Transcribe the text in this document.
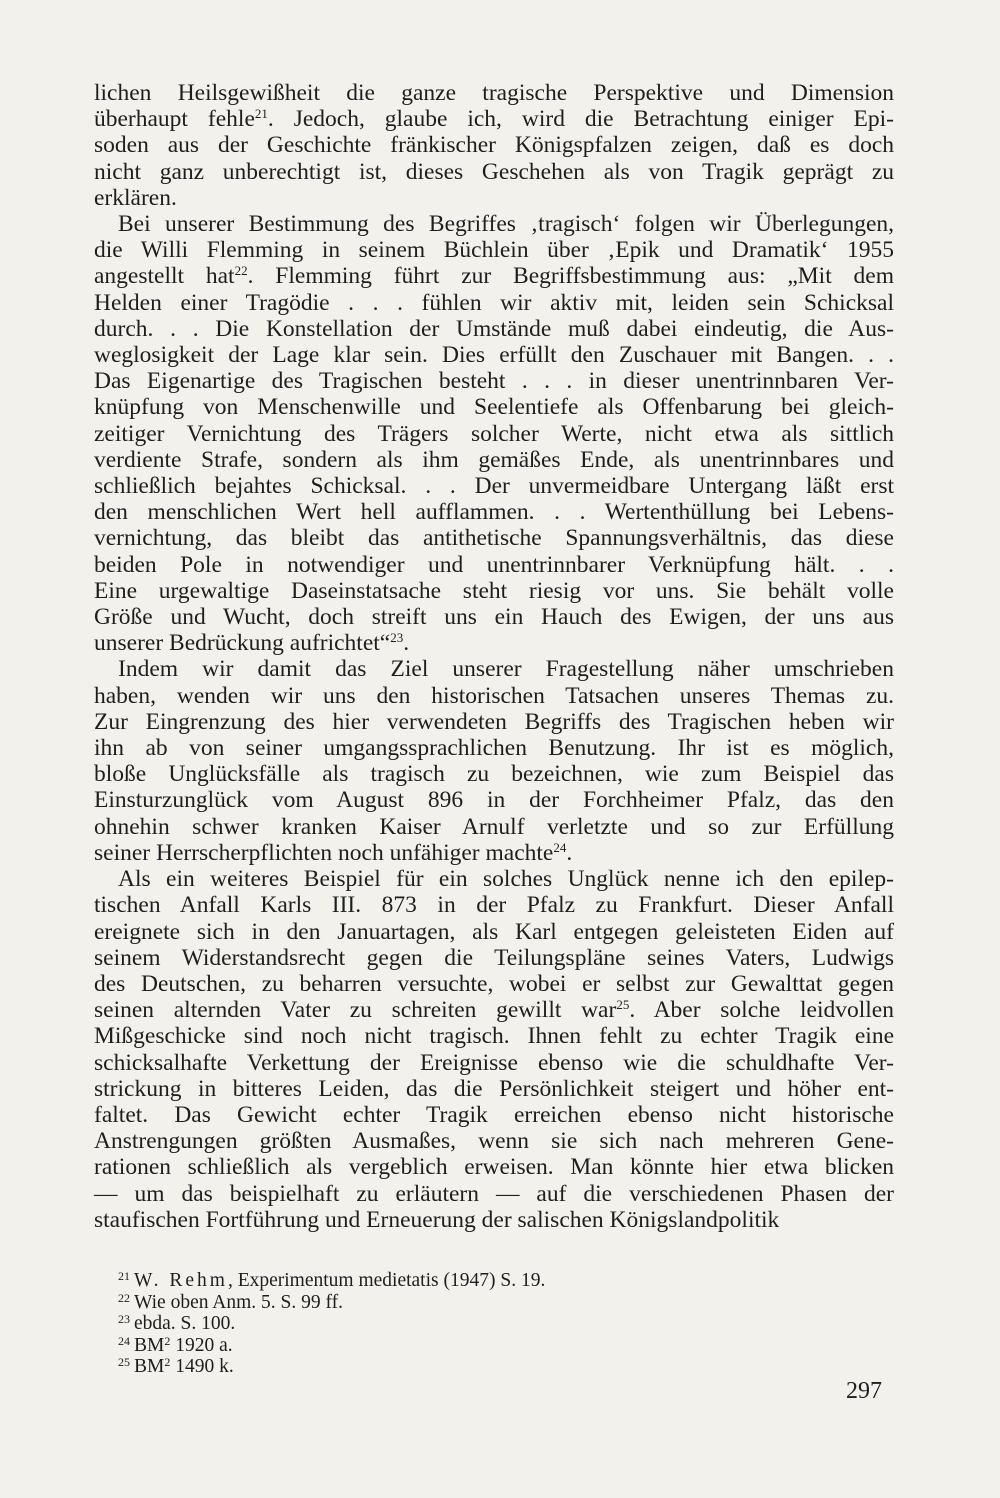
lichen Heilsgewißheit die ganze tragische Perspektive und Dimension
überhaupt fehle$^{21}$. Jedoch, glaube ich, wird die Betrachtung einiger Epi-
soden aus der Geschichte fränkischer Königspfalzen zeigen, daß es doch
nicht ganz unberechtigt ist, dieses Geschehen als von Tragik geprägt zu
erklären.
Bei unserer Bestimmung des Begriffes ‚tragisch‘ folgen wir Überlegungen,
die Willi Flemming in seinem Büchlein über ‚Epik und Dramatik‘ 1955
angestellt hat$^{22}$. Flemming führt zur Begriffsbestimmung aus: „Mit dem
Helden einer Tragödie . . . fühlen wir aktiv mit, leiden sein Schicksal
durch. . . Die Konstellation der Umstände muß dabei eindeutig, die Aus-
weglosigkeit der Lage klar sein. Dies erfüllt den Zuschauer mit Bangen. . .
Das Eigenartige des Tragischen besteht . . . in dieser unentrinnbaren Ver-
knüpfung von Menschenwille und Seelentiefe als Offenbarung bei gleich-
zeitiger Vernichtung des Trägers solcher Werte, nicht etwa als sittlich
verdiente Strafe, sondern als ihm gemäßes Ende, als unentrinnbares und
schließlich bejahtes Schicksal. . . Der unvermeidbare Untergang läßt erst
den menschlichen Wert hell aufflammen. . . Wertenthüllung bei Lebens-
vernichtung, das bleibt das antithetische Spannungsverhältnis, das diese
beiden Pole in notwendiger und unentrinnbarer Verknüpfung hält. . .
Eine urgewaltige Daseinstatsache steht riesig vor uns. Sie behält volle
Größe und Wucht, doch streift uns ein Hauch des Ewigen, der uns aus
unserer Bedrückung aufrichtet“$^{23}$.
Indem wir damit das Ziel unserer Fragestellung näher umschrieben
haben, wenden wir uns den historischen Tatsachen unseres Themas zu.
Zur Eingrenzung des hier verwendeten Begriffs des Tragischen heben wir
ihn ab von seiner umgangssprachlichen Benutzung. Ihr ist es möglich,
bloße Unglücksfälle als tragisch zu bezeichnen, wie zum Beispiel das
Einsturzunglück vom August 896 in der Forchheimer Pfalz, das den
ohnehin schwer kranken Kaiser Arnulf verletzte und so zur Erfüllung
seiner Herrscherpflichten noch unfähiger machte$^{24}$.
Als ein weiteres Beispiel für ein solches Unglück nenne ich den epilep-
tischen Anfall Karls III. 873 in der Pfalz zu Frankfurt. Dieser Anfall
ereignete sich in den Januartagen, als Karl entgegen geleisteten Eiden auf
seinem Widerstandsrecht gegen die Teilungspläne seines Vaters, Ludwigs
des Deutschen, zu beharren versuchte, wobei er selbst zur Gewalttat gegen
seinen alternden Vater zu schreiten gewillt war$^{25}$. Aber solche leidvollen
Mißgeschicke sind noch nicht tragisch. Ihnen fehlt zu echter Tragik eine
schicksalhafte Verkettung der Ereignisse ebenso wie die schuldhafte Ver-
strickung in bitteres Leiden, das die Persönlichkeit steigert und höher ent-
faltet. Das Gewicht echter Tragik erreichen ebenso nicht historische
Anstrengungen größten Ausmaßes, wenn sie sich nach mehreren Gene-
rationen schließlich als vergeblich erweisen. Man könnte hier etwa blicken
— um das beispielhaft zu erläutern — auf die verschiedenen Phasen der
staufischen Fortführung und Erneuerung der salischen Königslandpolitik
$^{21}$ W. Rehm, Experimentum medietatis (1947) S. 19.
$^{22}$ Wie oben Anm. 5. S. 99 ff.
$^{23}$ ebda. S. 100.
$^{24}$ $BM^2$ 1920 a.
$^{25}$ $BM^2$ 1490 k.
297
